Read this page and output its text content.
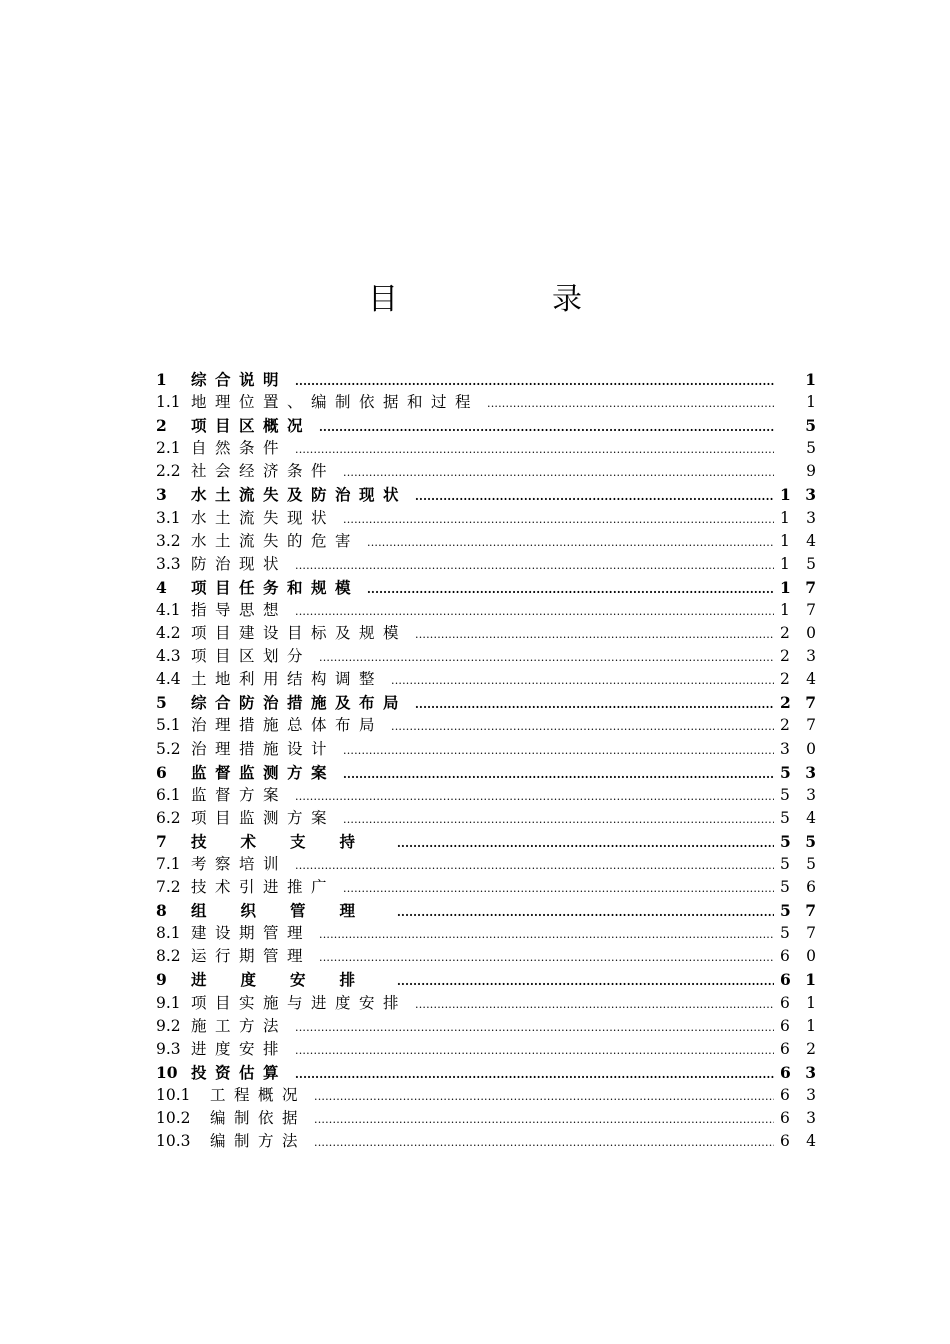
目　录
1	综合说明 .....	1
1.1 地理位置、编制依据和过程 .....	1
2	项目区概况 .....	5
2.1 自然条件 .....	5
2.2 社会经济条件 .....	9
3	水土流失及防治现状 .....	1 3
3.1 水土流失现状 .....	1 3
3.2 水土流失的危害 .....	1 4
3.3 防治现状 .....	1 5
4	项目任务和规模 .....	1 7
4.1 指导思想 .....	1 7
4.2 项目建设目标及规模 .....	2 0
4.3 项目区划分 .....	2 3
4.4 土地利用结构调整 .....	2 4
5	综合防治措施及布局 .....	2 7
5.1 治理措施总体布局 .....	2 7
5.2 治理措施设计 .....	3 0
6	监督监测方案 .....	5 3
6.1 监督方案 .....	5 3
6.2 项目监测方案 .....	5 4
7	技术支持 .....	5 5
7.1 考察培训 .....	5 5
7.2 技术引进推广 .....	5 6
8	组织管理 .....	5 7
8.1 建设期管理 .....	5 7
8.2 运行期管理 .....	6 0
9	进度安排 .....	6 1
9.1 项目实施与进度安排 .....	6 1
9.2 施工方法 .....	6 1
9.3 进度安排 .....	6 2
10 投资估算 .....	6 3
10.1	工程概况 .....	6 3
10.2	编制依据 .....	6 3
10.3	编制方法 .....	6 4
